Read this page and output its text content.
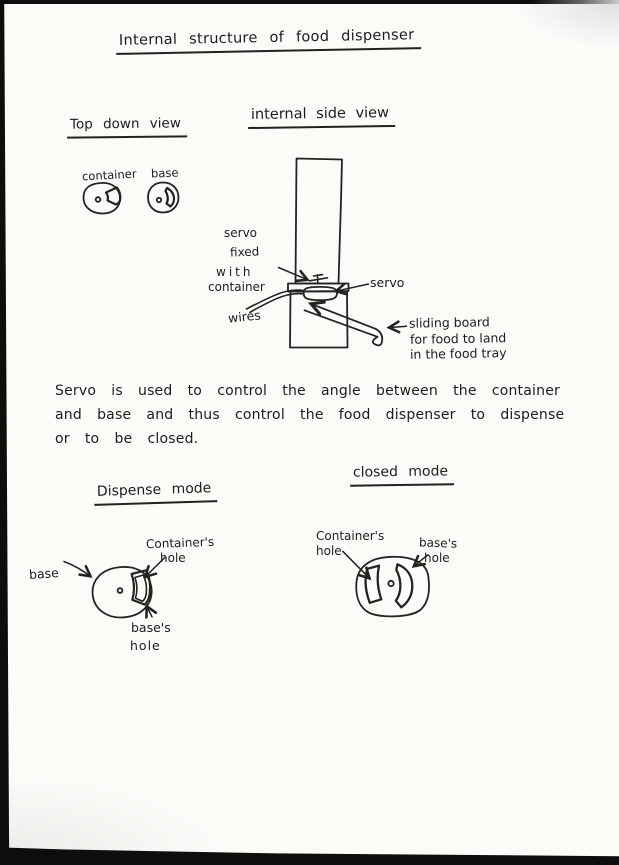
Internal structure of food dispenser
Top down view
container base
internal side view
servo
fixed
with
container	servo
wires	sliding board
for food to land
in the food tray
Servo is used to control the angle between the container
and base and thus control the food dispenser to dispense
or to be closed.
Dispense mode
base
Container's
hole
base's
hole
closed mode
Container's
hole
base's
hole
